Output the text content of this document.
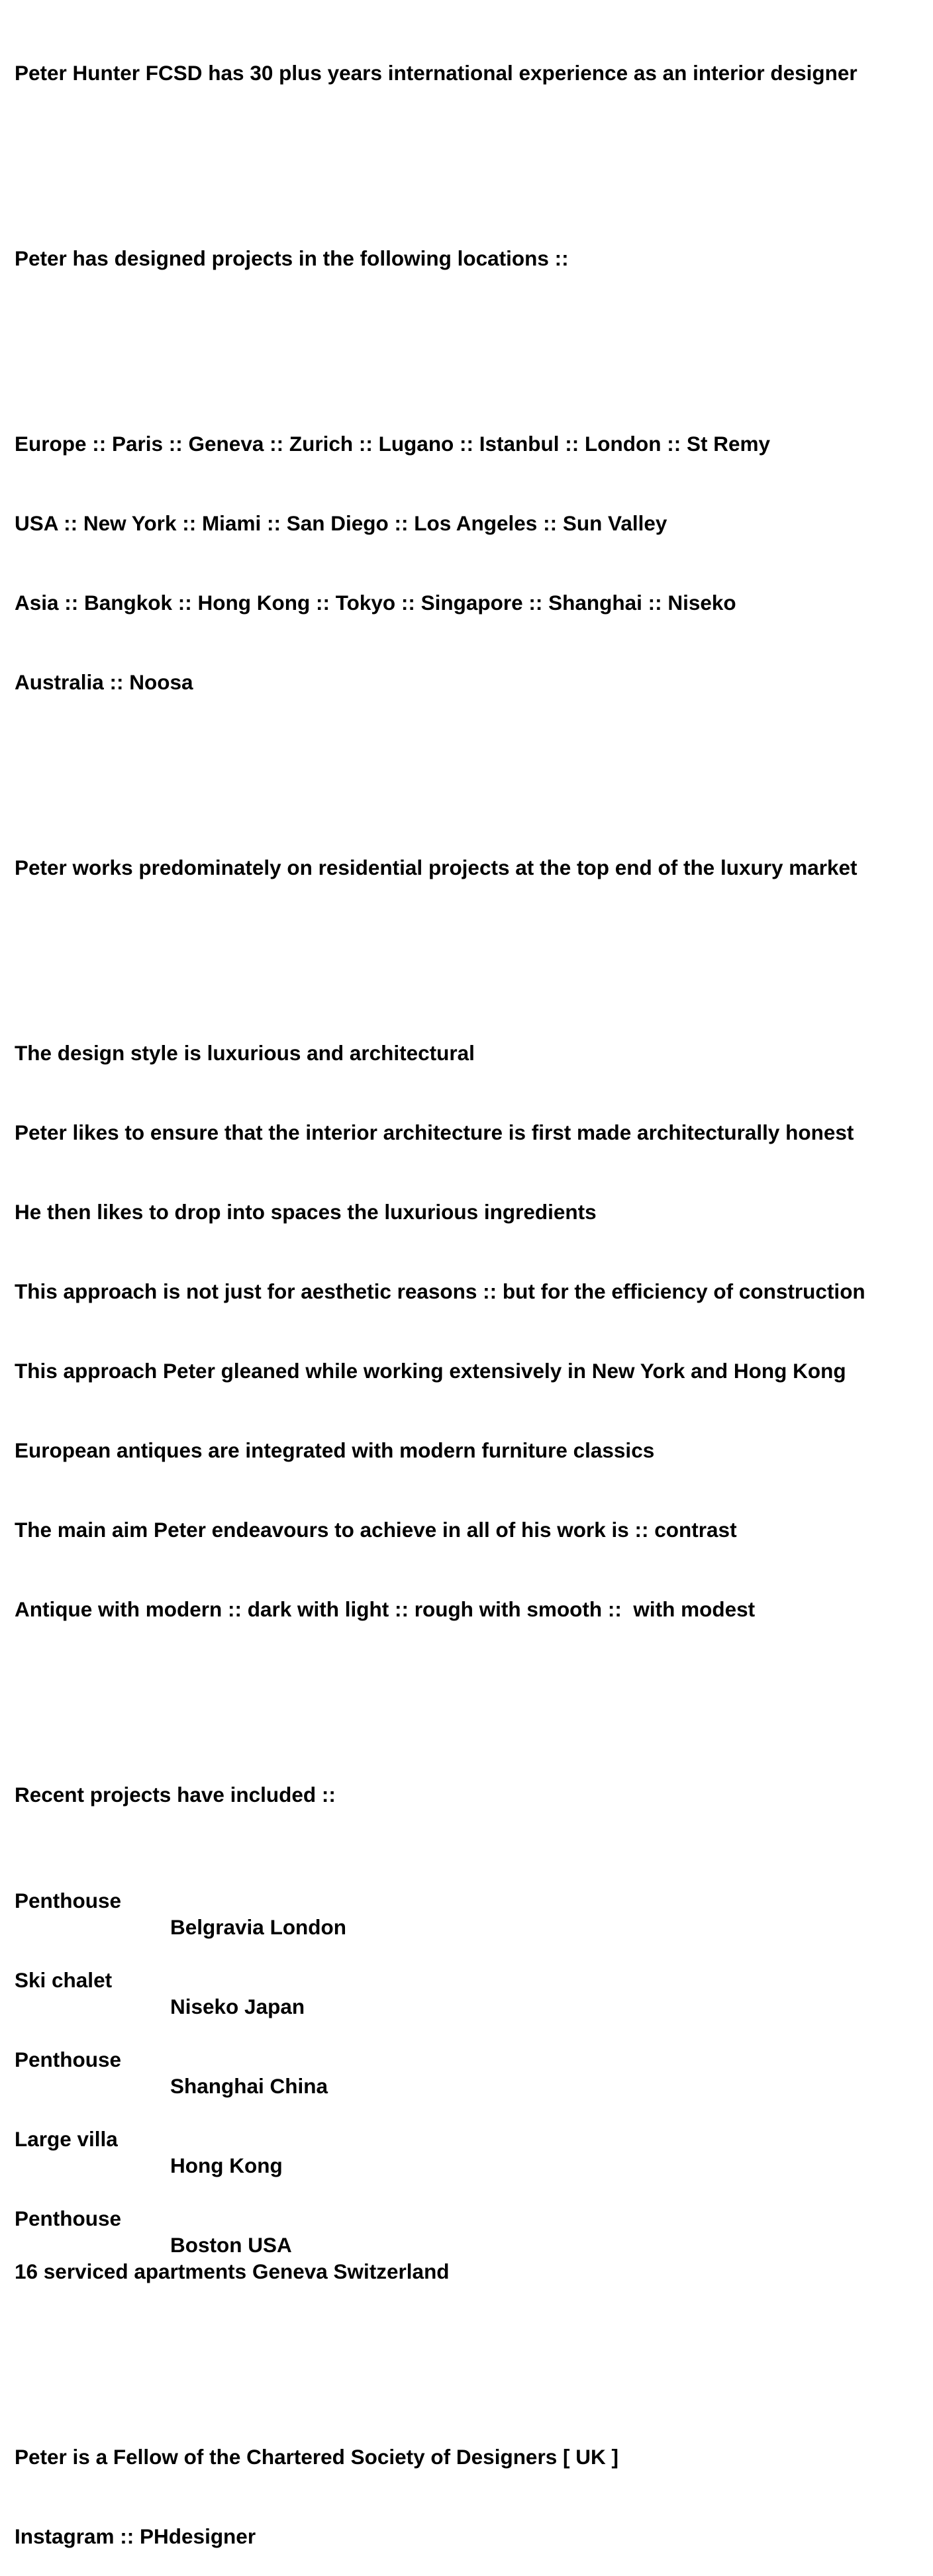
Peter Hunter FCSD has 30 plus years international experience as an interior designer

Peter has designed projects in the following locations ::

Europe :: Paris :: Geneva :: Zurich :: Lugano :: Istanbul :: London :: St Remy

USA :: New York :: Miami :: San Diego :: Los Angeles :: Sun Valley

Asia :: Bangkok :: Hong Kong :: Tokyo :: Singapore :: Shanghai :: Niseko

Australia :: Noosa

Peter works predominately on residential projects at the top end of the luxury market

The design style is luxurious and architectural

Peter likes to ensure that the interior architecture is first made architecturally honest

He then likes to drop into spaces the luxurious ingredients

This approach is not just for aesthetic reasons :: but for the efficiency of construction

This approach Peter gleaned while working extensively in New York and Hong Kong

European antiques are integrated with modern furniture classics

The main aim Peter endeavours to achieve in all of his work is :: contrast

Antique with modern :: dark with light :: rough with smooth ::  with modest

Recent projects have included ::

Penthouse

Belgravia London

Ski chalet

Niseko Japan

Penthouse

Shanghai China

Large villa

Hong Kong

Penthouse

Boston USA

16 serviced apartments Geneva Switzerland

Peter is a Fellow of the Chartered Society of Designers [ UK ]

Instagram :: PHdesigner
